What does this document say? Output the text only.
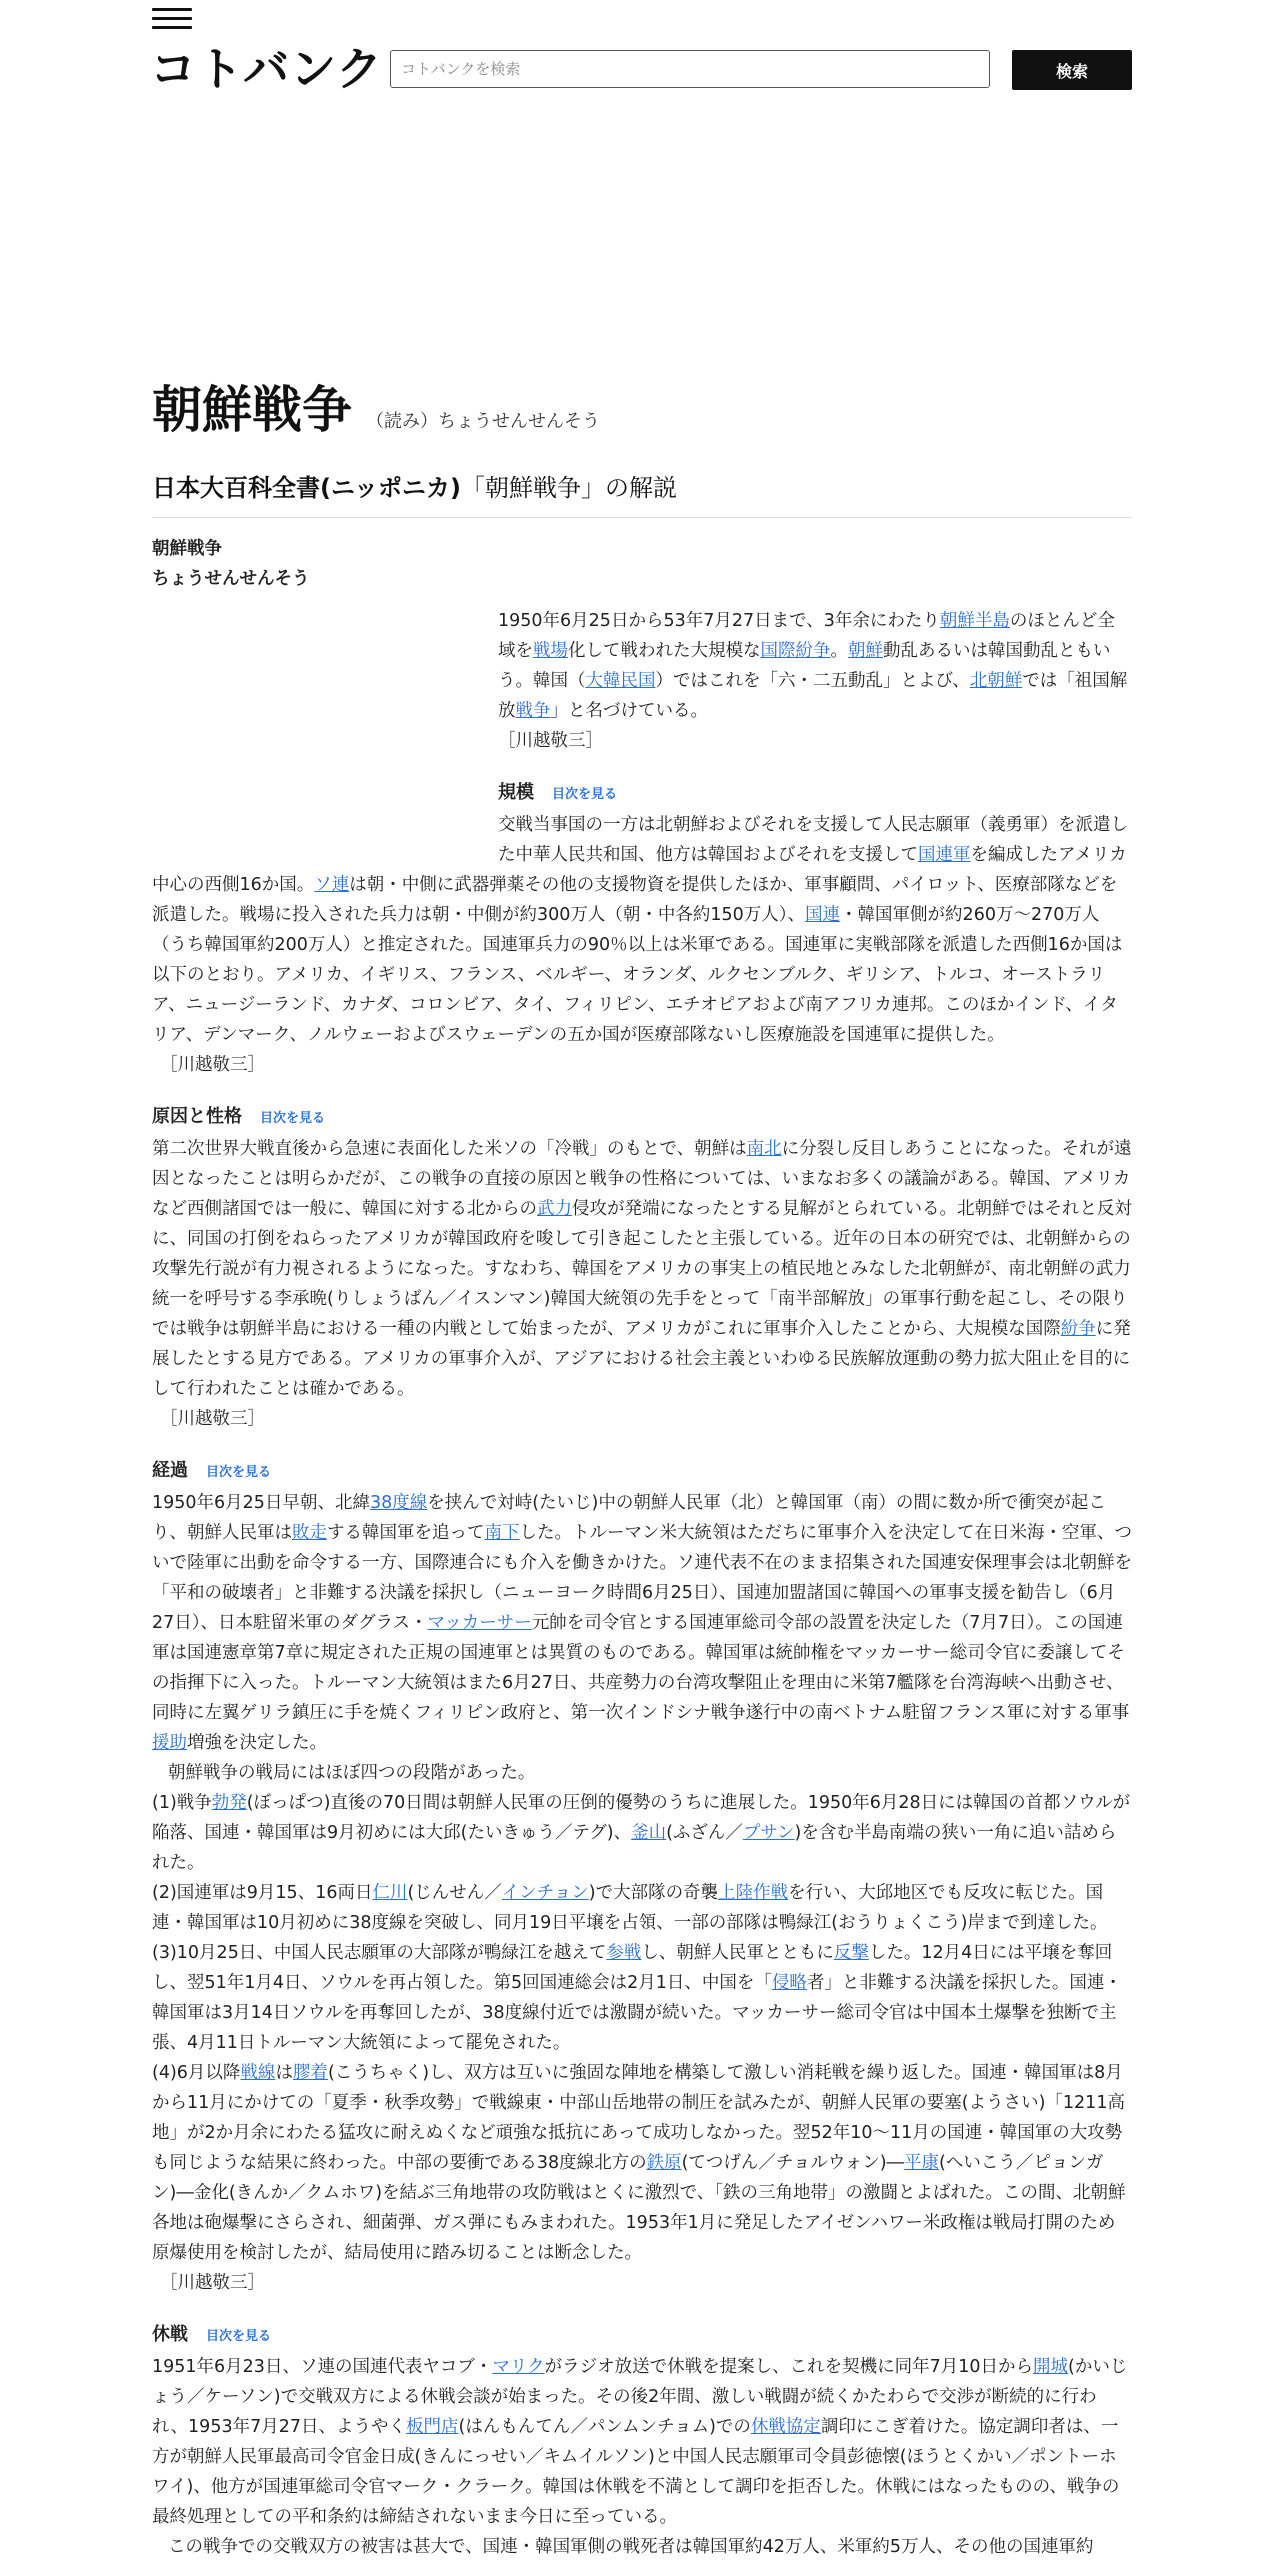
コトバンク
コトバンクを検索	検索
朝鮮戦争 （読み）ちょうせんせんそう
日本大百科全書(ニッポニカ)「朝鮮戦争」の解説
朝鮮戦争
ちょうせんせんそう

1950年6月25日から53年7月27日まで、3年余にわたり朝鮮半島のほとんど全域を戦場化して戦われた大規模な国際紛争。朝鮮動乱あるいは韓国動乱ともいう。韓国（大韓民国）ではこれを「六・二五動乱」とよび、北朝鮮では「祖国解放戦争」と名づけている。

［川越敬三］
規模 目次を見る

交戦当事国の一方は北朝鮮およびそれを支援して人民志願軍（義勇軍）を派遣した中華人民共和国、他方は韓国およびそれを支援して国連軍を編成したアメリカ中心の西側16か国。ソ連は朝・中側に武器弾薬その他の支援物資を提供したほか、軍事顧問、パイロット、医療部隊などを派遣した。戦場に投入された兵力は朝・中側が約300万人（朝・中各約150万人）、国連・韓国軍側が約260万～270万人（うち韓国軍約200万人）と推定された。国連軍兵力の90％以上は米軍である。国連軍に実戦部隊を派遣した西側16か国は以下のとおり。アメリカ、イギリス、フランス、ベルギー、オランダ、ルクセンブルク、ギリシア、トルコ、オーストラリア、ニュージーランド、カナダ、コロンビア、タイ、フィリピン、エチオピアおよび南アフリカ連邦。このほかインド、イタリア、デンマーク、ノルウェーおよびスウェーデンの五か国が医療部隊ないし医療施設を国連軍に提供した。

［川越敬三］
原因と性格 目次を見る

第二次世界大戦直後から急速に表面化した米ソの「冷戦」のもとで、朝鮮は南北に分裂し反目しあうことになった。それが遠因となったことは明らかだが、この戦争の直接の原因と戦争の性格については、いまなお多くの議論がある。韓国、アメリカなど西側諸国では一般に、韓国に対する北からの武力侵攻が発端になったとする見解がとられている。北朝鮮ではそれと反対に、同国の打倒をねらったアメリカが韓国政府を唆して引き起こしたと主張している。近年の日本の研究では、北朝鮮からの攻撃先行説が有力視されるようになった。すなわち、韓国をアメリカの事実上の植民地とみなした北朝鮮が、南北朝鮮の武力統一を呼号する李承晩(りしょうばん／イスンマン)韓国大統領の先手をとって「南半部解放」の軍事行動を起こし、その限りでは戦争は朝鮮半島における一種の内戦として始まったが、アメリカがこれに軍事介入したことから、大規模な国際紛争に発展したとする見方である。アメリカの軍事介入が、アジアにおける社会主義といわゆる民族解放運動の勢力拡大阻止を目的にして行われたことは確かである。

［川越敬三］
経過 目次を見る

1950年6月25日早朝、北緯38度線を挟んで対峙(たいじ)中の朝鮮人民軍（北）と韓国軍（南）の間に数か所で衝突が起こり、朝鮮人民軍は敗走する韓国軍を追って南下した。トルーマン米大統領はただちに軍事介入を決定して在日米海・空軍、ついで陸軍に出動を命令する一方、国際連合にも介入を働きかけた。ソ連代表不在のまま招集された国連安保理事会は北朝鮮を「平和の破壊者」と非難する決議を採択し（ニューヨーク時間6月25日）、国連加盟諸国に韓国への軍事支援を勧告し（6月27日）、日本駐留米軍のダグラス・マッカーサー元帥を司令官とする国連軍総司令部の設置を決定した（7月7日）。この国連軍は国連憲章第7章に規定された正規の国連軍とは異質のものである。韓国軍は統帥権をマッカーサー総司令官に委譲してその指揮下に入った。トルーマン大統領はまた6月27日、共産勢力の台湾攻撃阻止を理由に米第7艦隊を台湾海峡へ出動させ、同時に左翼ゲリラ鎮圧に手を焼くフィリピン政府と、第一次インドシナ戦争遂行中の南ベトナム駐留フランス軍に対する軍事援助増強を決定した。

朝鮮戦争の戦局にはほぼ四つの段階があった。

(1)戦争勃発(ぼっぱつ)直後の70日間は朝鮮人民軍の圧倒的優勢のうちに進展した。1950年6月28日には韓国の首都ソウルが陥落、国連・韓国軍は9月初めには大邱(たいきゅう／テグ)、釜山(ふざん／プサン)を含む半島南端の狭い一角に追い詰められた。

(2)国連軍は9月15、16両日仁川(じんせん／インチョン)で大部隊の奇襲上陸作戦を行い、大邱地区でも反攻に転じた。国連・韓国軍は10月初めに38度線を突破し、同月19日平壌を占領、一部の部隊は鴨緑江(おうりょくこう)岸まで到達した。

(3)10月25日、中国人民志願軍の大部隊が鴨緑江を越えて参戦し、朝鮮人民軍とともに反撃した。12月4日には平壌を奪回し、翌51年1月4日、ソウルを再占領した。第5回国連総会は2月1日、中国を「侵略者」と非難する決議を採択した。国連・韓国軍は3月14日ソウルを再奪回したが、38度線付近では激闘が続いた。マッカーサー総司令官は中国本土爆撃を独断で主張、4月11日トルーマン大統領によって罷免された。

(4)6月以降戦線は膠着(こうちゃく)し、双方は互いに強固な陣地を構築して激しい消耗戦を繰り返した。国連・韓国軍は8月から11月にかけての「夏季・秋季攻勢」で戦線東・中部山岳地帯の制圧を試みたが、朝鮮人民軍の要塞(ようさい)「1211高地」が2か月余にわたる猛攻に耐えぬくなど頑強な抵抗にあって成功しなかった。翌52年10～11月の国連・韓国軍の大攻勢も同じような結果に終わった。中部の要衝である38度線北方の鉄原(てつげん／チョルウォン)―平康(へいこう／ピョンガン)―金化(きんか／クムホワ)を結ぶ三角地帯の攻防戦はとくに激烈で、「鉄の三角地帯」の激闘とよばれた。この間、北朝鮮各地は砲爆撃にさらされ、細菌弾、ガス弾にもみまわれた。1953年1月に発足したアイゼンハワー米政権は戦局打開のため原爆使用を検討したが、結局使用に踏み切ることは断念した。

［川越敬三］
休戦 目次を見る

1951年6月23日、ソ連の国連代表ヤコブ・マリクがラジオ放送で休戦を提案し、これを契機に同年7月10日から開城(かいじょう／ケーソン)で交戦双方による休戦会談が始まった。その後2年間、激しい戦闘が続くかたわらで交渉が断続的に行われ、1953年7月27日、ようやく板門店(はんもんてん／パンムンチョム)での休戦協定調印にこぎ着けた。協定調印者は、一方が朝鮮人民軍最高司令官金日成(きんにっせい／キムイルソン)と中国人民志願軍司令員彭徳懐(ほうとくかい／ポントーホワイ)、他方が国連軍総司令官マーク・クラーク。韓国は休戦を不満として調印を拒否した。休戦にはなったものの、戦争の最終処理としての平和条約は締結されないまま今日に至っている。

この戦争での交戦双方の被害は甚大で、国連・韓国軍側の戦死者は韓国軍約42万人、米軍約5万人、その他の国連軍約
